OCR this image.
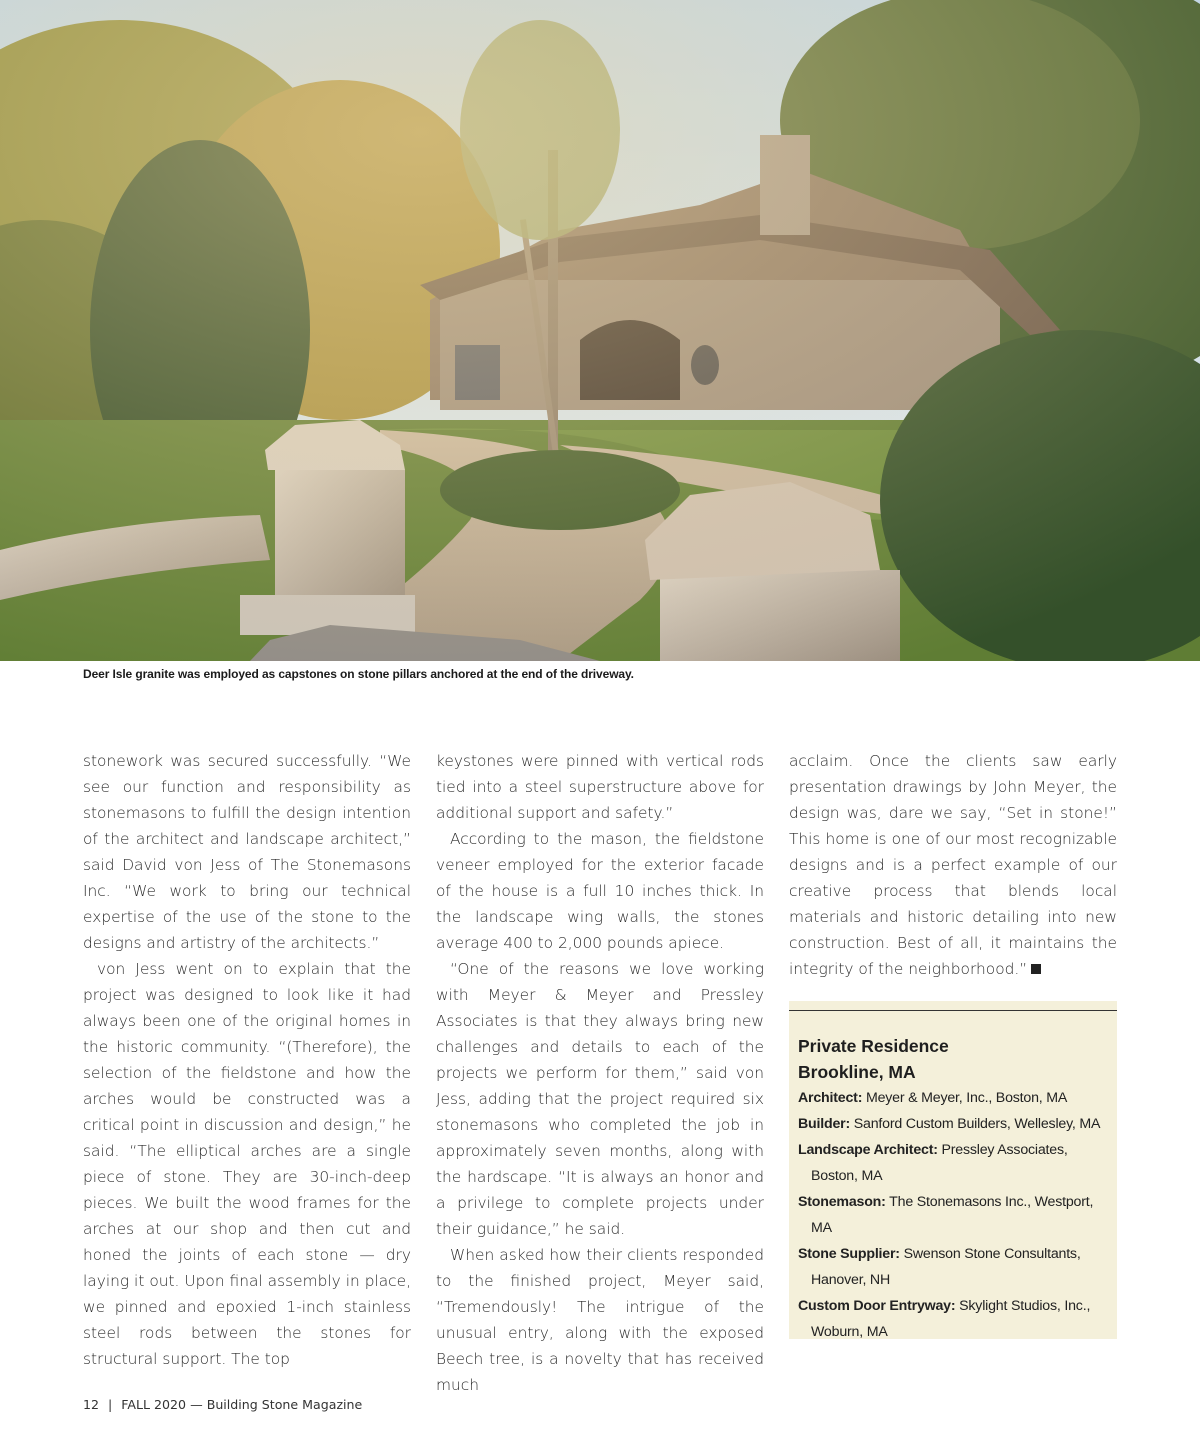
Deer Isle granite was employed as capstones on stone pillars anchored at the end of the driveway.

stonework was secured successfully. “We see our function and responsibility as stonemasons to fulfill the design intention of the architect and landscape architect,” said David von Jess of The Stonemasons Inc. “We work to bring our technical expertise of the use of the stone to the designs and artistry of the architects.”

von Jess went on to explain that the project was designed to look like it had always been one of the original homes in the historic community. “(Therefore), the selection of the fieldstone and how the arches would be constructed was a critical point in discussion and design,” he said. “The elliptical arches are a single piece of stone. They are 30-inch-deep pieces. We built the wood frames for the arches at our shop and then cut and honed the joints of each stone — dry laying it out. Upon final assembly in place, we pinned and epoxied 1-inch stainless steel rods between the stones for structural support. The top

keystones were pinned with vertical rods tied into a steel superstructure above for additional support and safety.”

According to the mason, the fieldstone veneer employed for the exterior facade of the house is a full 10 inches thick. In the landscape wing walls, the stones average 400 to 2,000 pounds apiece.

“One of the reasons we love working with Meyer & Meyer and Pressley Associates is that they always bring new challenges and details to each of the projects we perform for them,” said von Jess, adding that the project required six stonemasons who completed the job in approximately seven months, along with the hardscape. “It is always an honor and a privilege to complete projects under their guidance,” he said.

When asked how their clients responded to the finished project, Meyer said, “Tremendously! The intrigue of the unusual entry, along with the exposed Beech tree, is a novelty that has received much

acclaim. Once the clients saw early presentation drawings by John Meyer, the design was, dare we say, “Set in stone!” This home is one of our most recognizable designs and is a perfect example of our creative process that blends local materials and historic detailing into new construction. Best of all, it maintains the integrity of the neighborhood.”

Private Residence
Brookline, MA
Architect: Meyer & Meyer, Inc., Boston, MA
Builder: Sanford Custom Builders, Wellesley, MA
Landscape Architect: Pressley Associates, Boston, MA
Stonemason: The Stonemasons Inc., Westport, MA
Stone Supplier: Swenson Stone Consultants, Hanover, NH
Custom Door Entryway: Skylight Studios, Inc., Woburn, MA
12 | FALL 2020 — Building Stone Magazine
